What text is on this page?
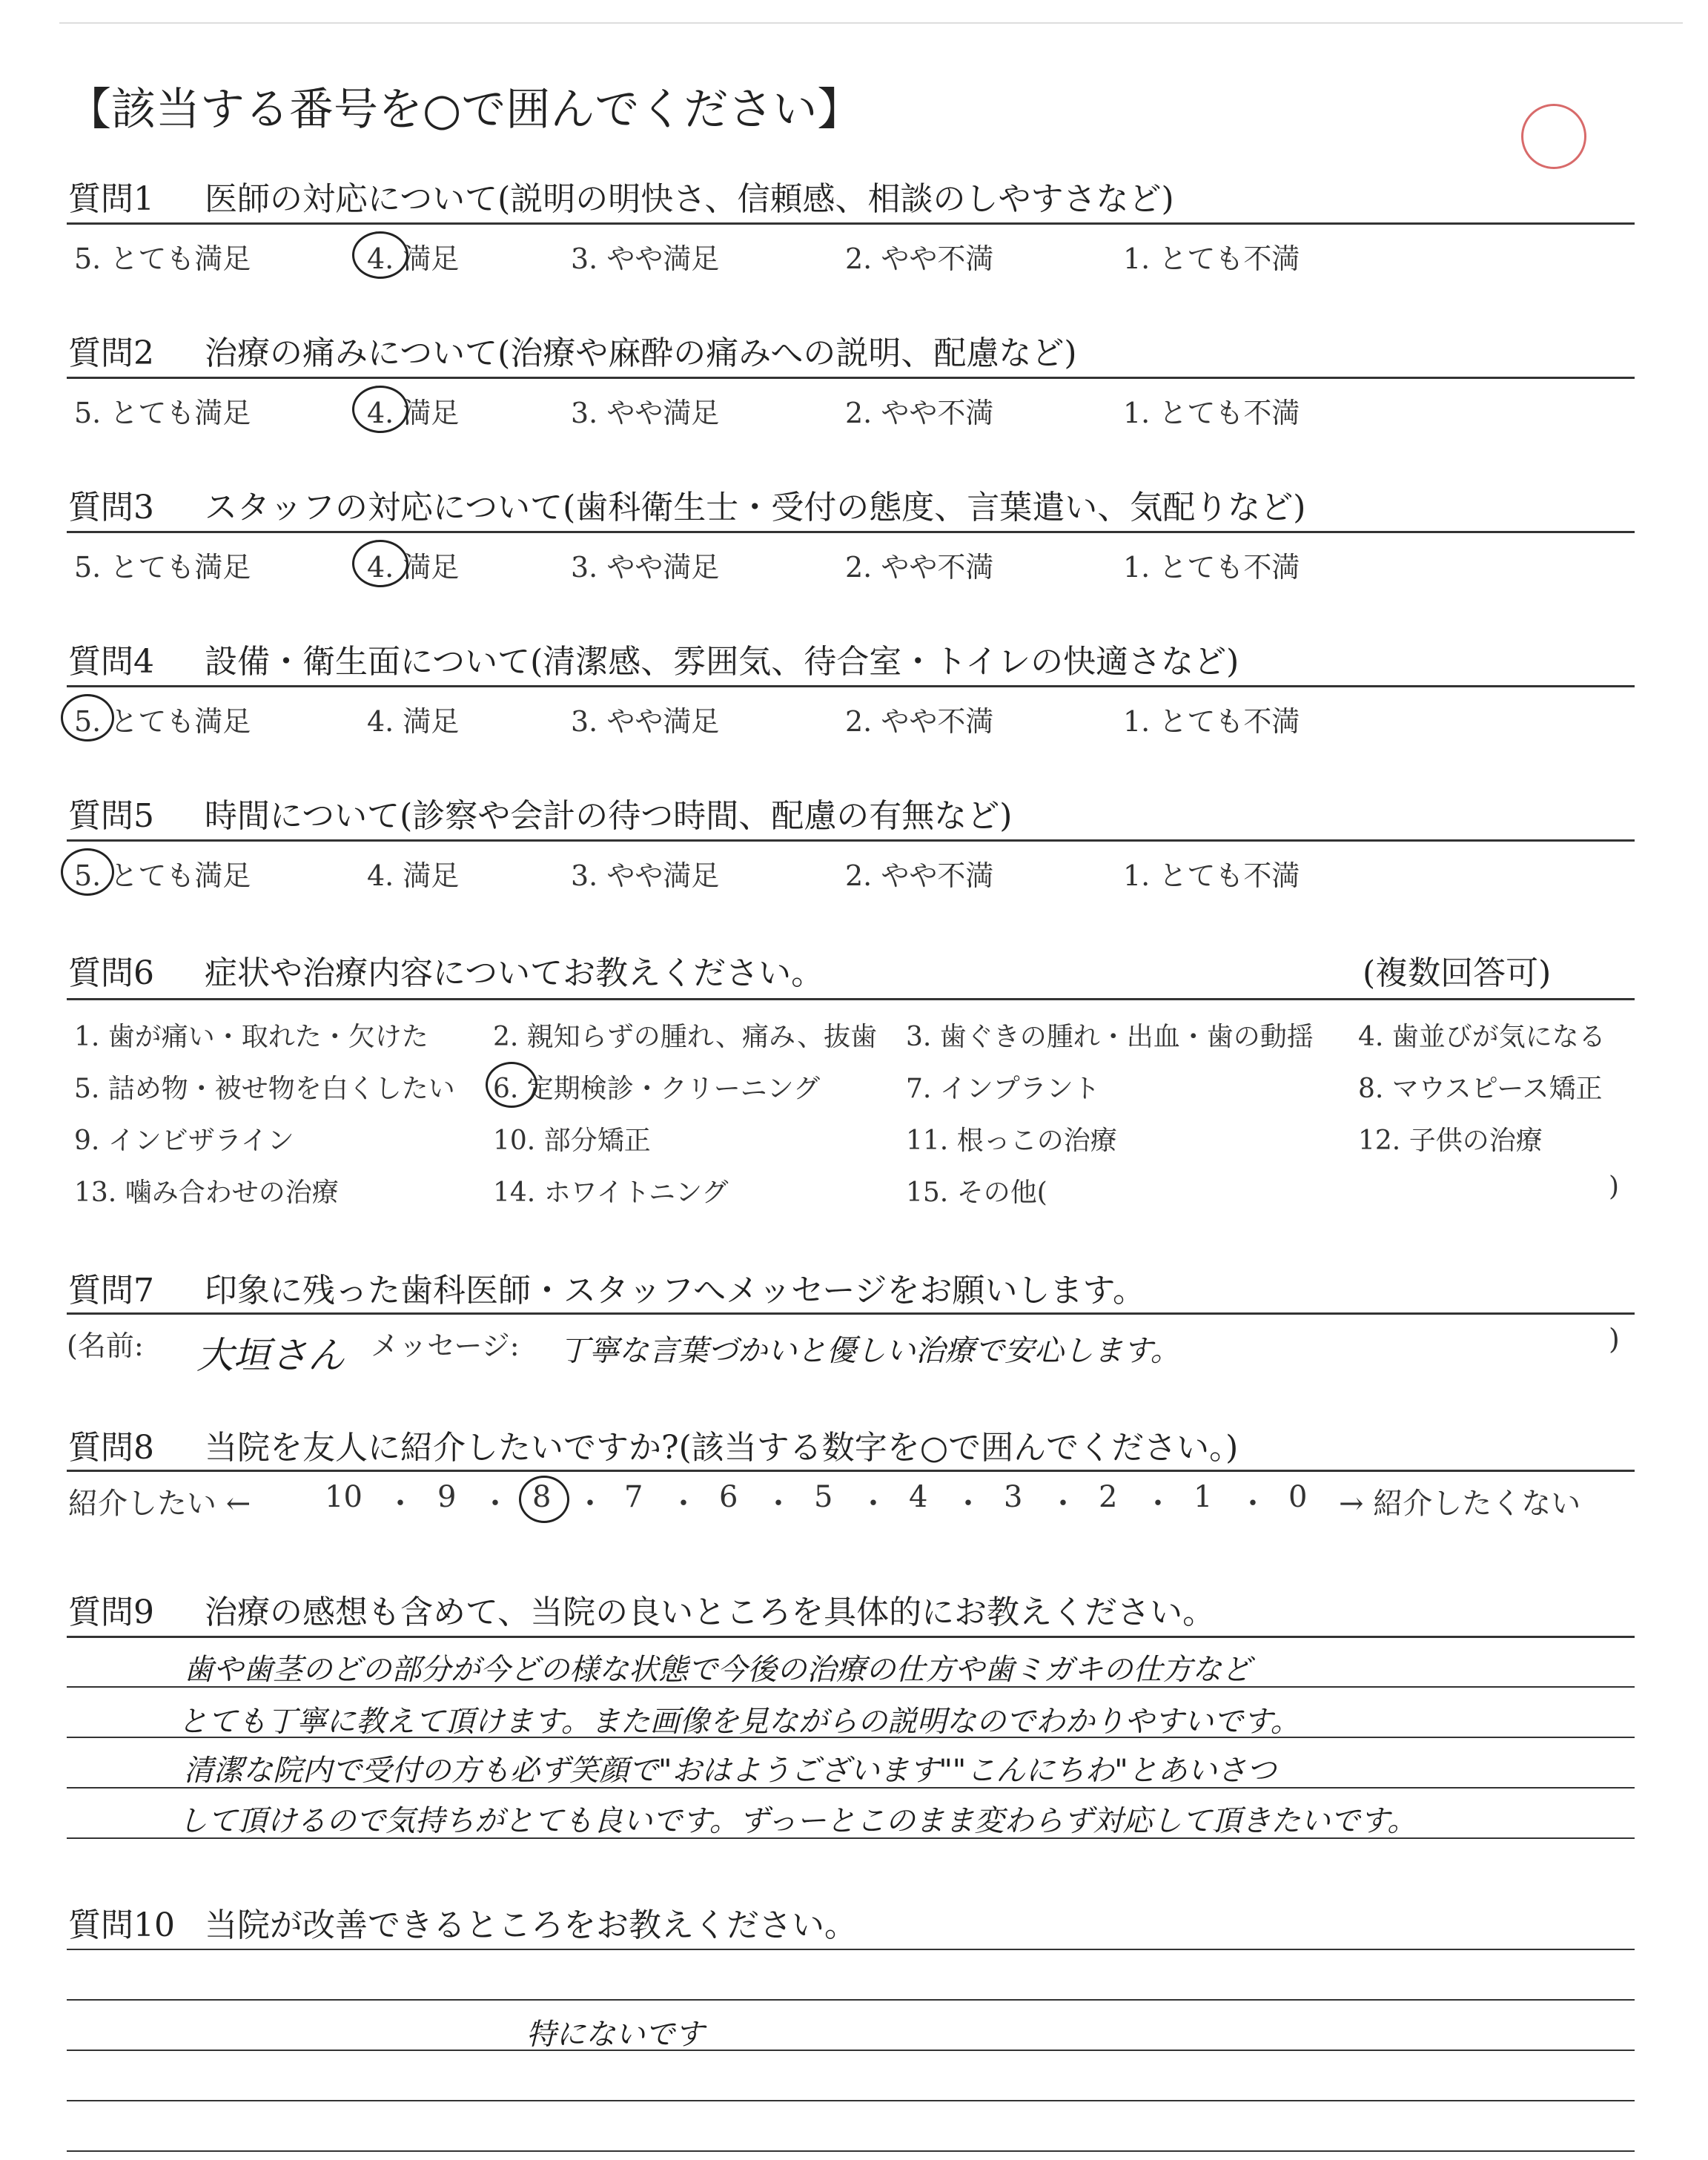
【該当する番号を○で囲んでください】
質問1 医師の対応について(説明の明快さ、信頼感、相談のしやすさなど)
5. とても満足	4. 満足	3. やや満足	2. やや不満	1. とても不満
質問2 治療の痛みについて(治療や麻酔の痛みへの説明、配慮など)
5. とても満足	4. 満足	3. やや満足	2. やや不満	1. とても不満
質問3 スタッフの対応について(歯科衛生士・受付の態度、言葉遣い、気配りなど)
5. とても満足	4. 満足	3. やや満足	2. やや不満	1. とても不満
質問4 設備・衛生面について(清潔感、雰囲気、待合室・トイレの快適さなど)
5. とても満足	4. 満足	3. やや満足	2. やや不満	1. とても不満
質問5 時間について(診察や会計の待つ時間、配慮の有無など)
5. とても満足	4. 満足	3. やや満足	2. やや不満	1. とても不満
質問6 症状や治療内容についてお教えください。	(複数回答可)
1. 歯が痛い・取れた・欠けた 2. 親知らずの腫れ、痛み、抜歯 3. 歯ぐきの腫れ・出血・歯の動揺 4. 歯並びが気になる
5. 詰め物・被せ物を白くしたい 6. 定期検診・クリーニング	7. インプラント	8. マウスピース矯正
9. インビザライン	10. 部分矯正	11. 根っこの治療	12. 子供の治療
13. 噛み合わせの治療	14. ホワイトニング	15. その他(	)
質問7 印象に残った歯科医師・スタッフへメッセージをお願いします。
(名前: 大垣さん メッセージ: 丁寧な言葉づかいと優しい治療で安心します。	)
質問8 当院を友人に紹介したいですか?(該当する数字を○で囲んでください。)
紹介したい ← 10 ・ 9 ・ 8 ・ 7 ・ 6 ・ 5 ・ 4 ・ 3 ・ 2 ・ 1 ・ 0 → 紹介したくない
質問9 治療の感想も含めて、当院の良いところを具体的にお教えください。
歯や歯茎のどの部分が今どの様な状態で今後の治療の仕方や歯ミガキの仕方など
とても丁寧に教えて頂けます。また画像を見ながらの説明なのでわかりやすいです。
清潔な院内で受付の方も必ず笑顔で"おはようございます""こんにちわ"とあいさつ
して頂けるので気持ちがとても良いです。ずっーとこのまま変わらず対応して頂きたいです。
質問10 当院が改善できるところをお教えください。
特にないです
